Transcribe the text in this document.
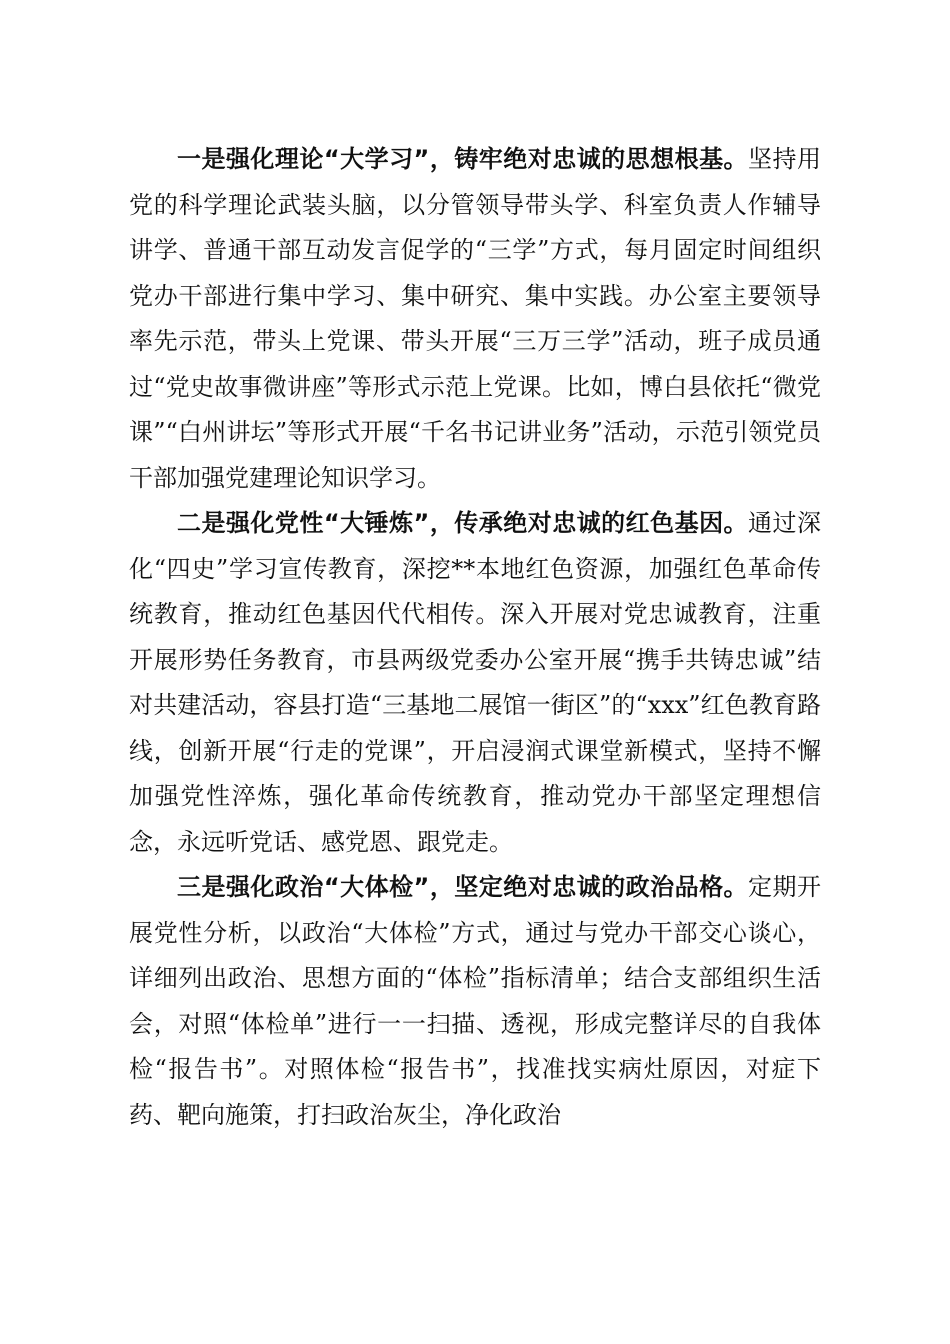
一是强化理论“大学习”，铸牢绝对忠诚的思想根基。坚持用党的科学理论武装头脑，以分管领导带头学、科室负责人作辅导讲学、普通干部互动发言促学的“三学”方式，每月固定时间组织党办干部进行集中学习、集中研究、集中实践。办公室主要领导率先示范，带头上党课、带头开展“三万三学”活动，班子成员通过“党史故事微讲座”等形式示范上党课。比如，博白县依托“微党课”“白州讲坛”等形式开展“千名书记讲业务”活动，示范引领党员干部加强党建理论知识学习。

二是强化党性“大锤炼”，传承绝对忠诚的红色基因。通过深化“四史”学习宣传教育，深挖**本地红色资源，加强红色革命传统教育，推动红色基因代代相传。深入开展对党忠诚教育，注重开展形势任务教育，市县两级党委办公室开展“携手共铸忠诚”结对共建活动，容县打造“三基地二展馆一街区”的“xxx”红色教育路线，创新开展“行走的党课”，开启浸润式课堂新模式，坚持不懈加强党性淬炼，强化革命传统教育，推动党办干部坚定理想信念，永远听党话、感党恩、跟党走。

三是强化政治“大体检”，坚定绝对忠诚的政治品格。定期开展党性分析，以政治“大体检”方式，通过与党办干部交心谈心，详细列出政治、思想方面的“体检”指标清单；结合支部组织生活会，对照“体检单”进行一一扫描、透视，形成完整详尽的自我体检“报告书”。对照体检“报告书”，找准找实病灶原因，对症下药、靶向施策，打扫政治灰尘，净化政治
